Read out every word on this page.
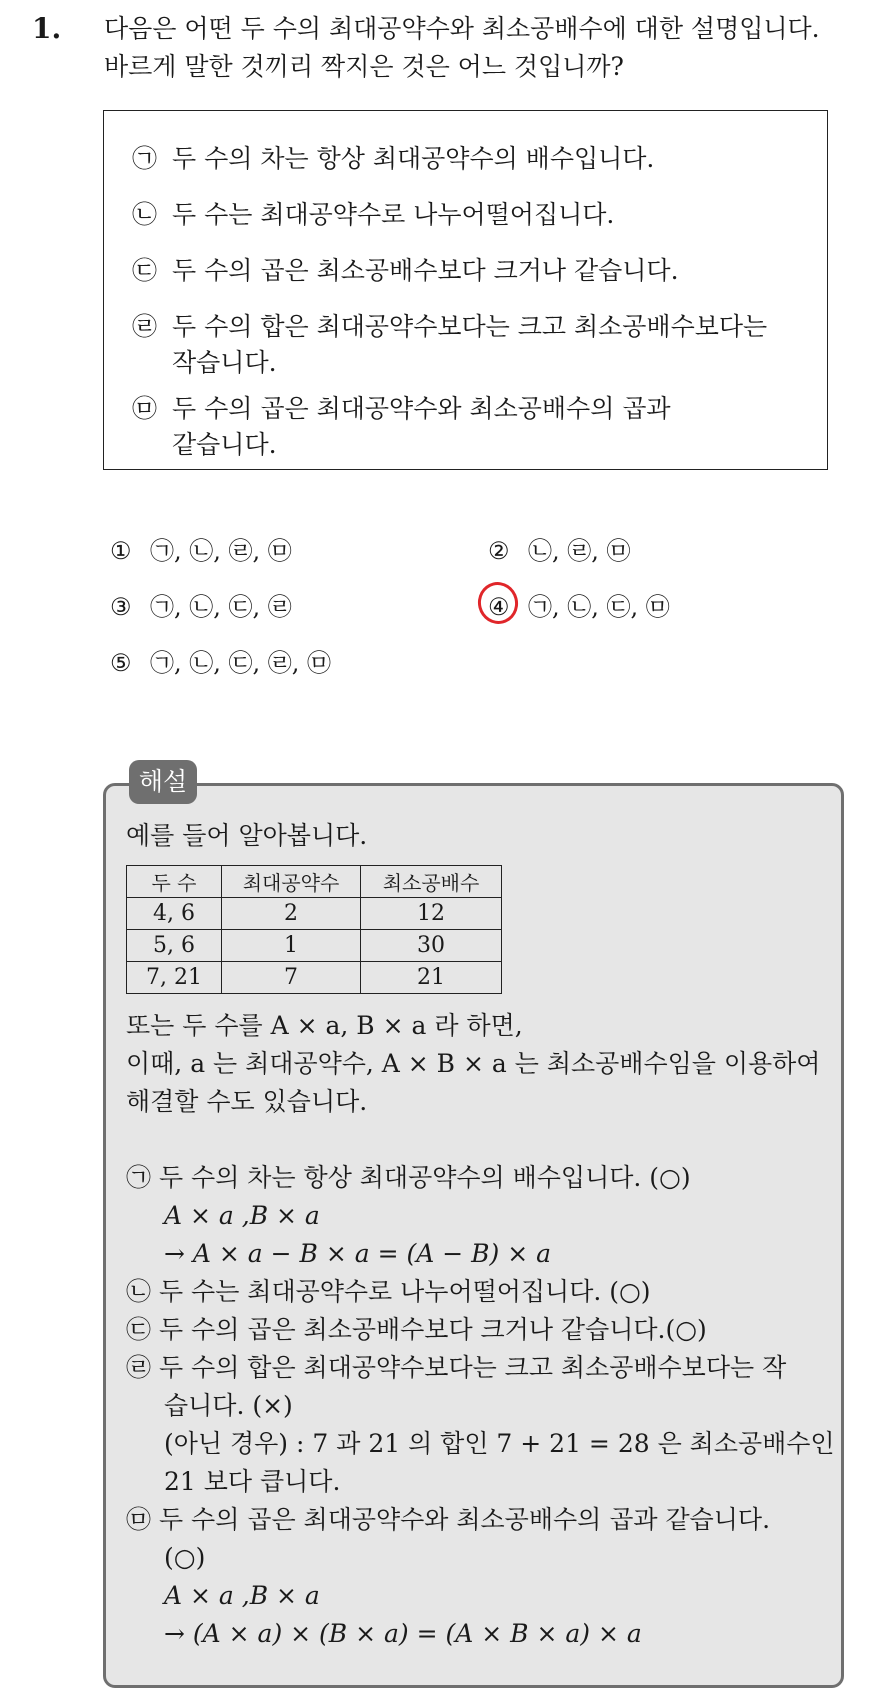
1. 다음은 어떤 두 수의 최대공약수와 최소공배수에 대한 설명입니다.
바르게 말한 것끼리 짝지은 것은 어느 것입니까?
㉠ 두 수의 차는 항상 최대공약수의 배수입니다.
㉡ 두 수는 최대공약수로 나누어떨어집니다.
㉢ 두 수의 곱은 최소공배수보다 크거나 같습니다.
㉣ 두 수의 합은 최대공약수보다는 크고 최소공배수보다는
작습니다.
㉤ 두 수의 곱은 최대공약수와 최소공배수의 곱과
같습니다.
① ㉠, ㉡, ㉣, ㉤	② ㉡, ㉣, ㉤
③ ㉠, ㉡, ㉢, ㉣	④ ㉠, ㉡, ㉢, ㉤
⑤ ㉠, ㉡, ㉢, ㉣, ㉤
해설
예를 들어 알아봅니다.
두 수	최대공약수	최소공배수
4, 6	2	12
5, 6	1	30
7, 21	7	21
또는 두 수를 A × a, B × a 라 하면,
이때, a 는 최대공약수, A × B × a 는 최소공배수임을 이용하여
해결할 수도 있습니다.
㉠ 두 수의 차는 항상 최대공약수의 배수입니다. (○)
A × a ,B × a
→ A × a − B × a = (A − B) × a
㉡ 두 수는 최대공약수로 나누어떨어집니다. (○)
㉢ 두 수의 곱은 최소공배수보다 크거나 같습니다.(○)
㉣ 두 수의 합은 최대공약수보다는 크고 최소공배수보다는 작
습니다. (×)
(아닌 경우) : 7 과 21 의 합인 7 + 21 = 28 은 최소공배수인
21 보다 큽니다.
㉤ 두 수의 곱은 최대공약수와 최소공배수의 곱과 같습니다.
(○)
A × a ,B × a
→ (A × a) × (B × a) = (A × B × a) × a
